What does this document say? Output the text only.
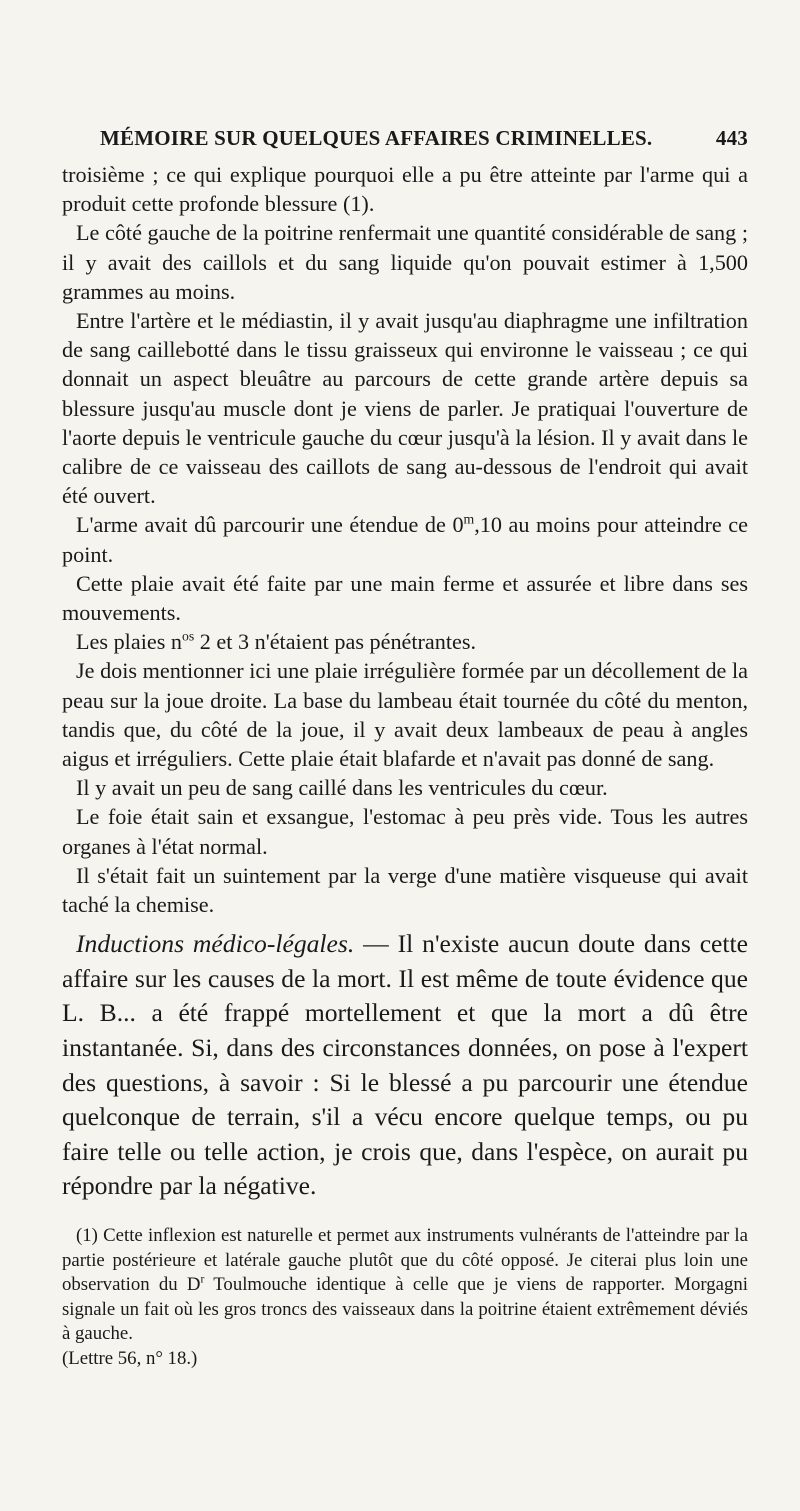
MÉMOIRE SUR QUELQUES AFFAIRES CRIMINELLES.	443

troisième ; ce qui explique pourquoi elle a pu être atteinte par l'arme qui a produit cette profonde blessure (1).

Le côté gauche de la poitrine renfermait une quantité considérable de sang ; il y avait des caillols et du sang liquide qu'on pouvait estimer à 1,500 grammes au moins.

Entre l'artère et le médiastin, il y avait jusqu'au diaphragme une infiltration de sang caillebotté dans le tissu graisseux qui environne le vaisseau ; ce qui donnait un aspect bleuâtre au parcours de cette grande artère depuis sa blessure jusqu'au muscle dont je viens de parler. Je pratiquai l'ouverture de l'aorte depuis le ventricule gauche du cœur jusqu'à la lésion. Il y avait dans le calibre de ce vaisseau des caillots de sang au-dessous de l'endroit qui avait été ouvert.

L'arme avait dû parcourir une étendue de 0$^m$,10 au moins pour atteindre ce point.

Cette plaie avait été faite par une main ferme et assurée et libre dans ses mouvements.

Les plaies $n^{os}$ 2 et 3 n'étaient pas pénétrantes.

Je dois mentionner ici une plaie irrégulière formée par un décollement de la peau sur la joue droite. La base du lambeau était tournée du côté du menton, tandis que, du côté de la joue, il y avait deux lambeaux de peau à angles aigus et irréguliers. Cette plaie était blafarde et n'avait pas donné de sang.

Il y avait un peu de sang caillé dans les ventricules du cœur.

Le foie était sain et exsangue, l'estomac à peu près vide. Tous les autres organes à l'état normal.

Il s'était fait un suintement par la verge d'une matière visqueuse qui avait taché la chemise.

Inductions médico-légales. — Il n'existe aucun doute dans cette affaire sur les causes de la mort. Il est même de toute évidence que L. B... a été frappé mortellement et que la mort a dû être instantanée. Si, dans des circonstances données, on pose à l'expert des questions, à savoir : Si le blessé a pu parcourir une étendue quelconque de terrain, s'il a vécu encore quelque temps, ou pu faire telle ou telle action, je crois que, dans l'espèce, on aurait pu répondre par la négative.

(1) Cette inflexion est naturelle et permet aux instruments vulnérants de l'atteindre par la partie postérieure et latérale gauche plutôt que du côté opposé. Je citerai plus loin une observation du $D^r$ Toulmouche identique à celle que je viens de rapporter. Morgagni signale un fait où les gros troncs des vaisseaux dans la poitrine étaient extrêmement déviés à gauche.

(Lettre 56, n° 18.)
